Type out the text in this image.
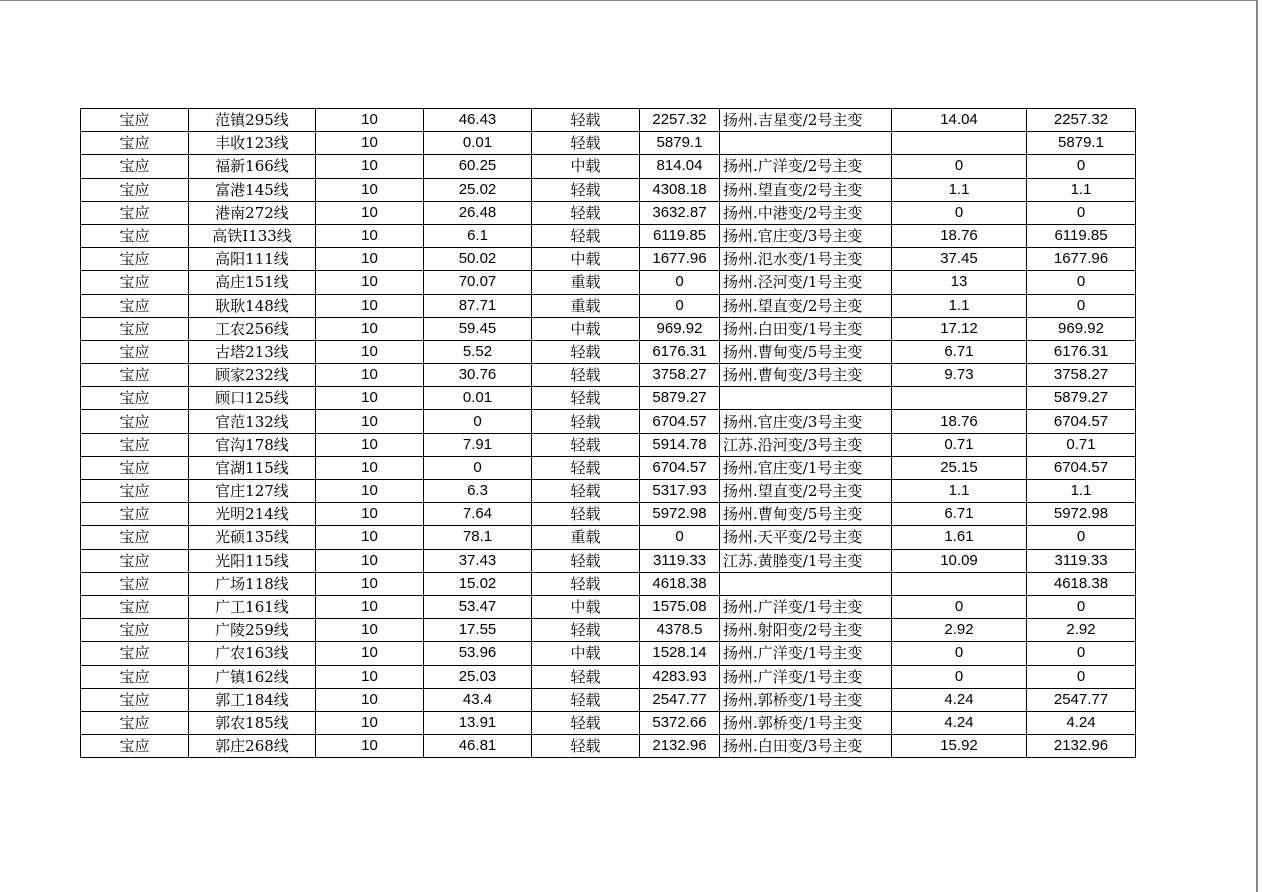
宝应	范镇295线	10	46.43	轻载	2257.32	扬州.吉星变/2号主变	14.04	2257.32
宝应	丰收123线	10	0.01	轻载	5879.1			5879.1
宝应	福新166线	10	60.25	中载	814.04	扬州.广洋变/2号主变	0	0
宝应	富港145线	10	25.02	轻载	4308.18	扬州.望直变/2号主变	1.1	1.1
宝应	港南272线	10	26.48	轻载	3632.87	扬州.中港变/2号主变	0	0
宝应	高铁Ⅰ133线	10	6.1	轻载	6119.85	扬州.官庄变/3号主变	18.76	6119.85
宝应	高阳111线	10	50.02	中载	1677.96	扬州.氾水变/1号主变	37.45	1677.96
宝应	高庄151线	10	70.07	重载	0	扬州.泾河变/1号主变	13	0
宝应	耿耿148线	10	87.71	重载	0	扬州.望直变/2号主变	1.1	0
宝应	工农256线	10	59.45	中载	969.92	扬州.白田变/1号主变	17.12	969.92
宝应	古塔213线	10	5.52	轻载	6176.31	扬州.曹甸变/5号主变	6.71	6176.31
宝应	顾家232线	10	30.76	轻载	3758.27	扬州.曹甸变/3号主变	9.73	3758.27
宝应	顾口125线	10	0.01	轻载	5879.27			5879.27
宝应	官范132线	10	0	轻载	6704.57	扬州.官庄变/3号主变	18.76	6704.57
宝应	官沟178线	10	7.91	轻载	5914.78	江苏.沿河变/3号主变	0.71	0.71
宝应	官湖115线	10	0	轻载	6704.57	扬州.官庄变/1号主变	25.15	6704.57
宝应	官庄127线	10	6.3	轻载	5317.93	扬州.望直变/2号主变	1.1	1.1
宝应	光明214线	10	7.64	轻载	5972.98	扬州.曹甸变/5号主变	6.71	5972.98
宝应	光硕135线	10	78.1	重载	0	扬州.天平变/2号主变	1.61	0
宝应	光阳115线	10	37.43	轻载	3119.33	江苏.黄塍变/1号主变	10.09	3119.33
宝应	广场118线	10	15.02	轻载	4618.38			4618.38
宝应	广工161线	10	53.47	中载	1575.08	扬州.广洋变/1号主变	0	0
宝应	广陵259线	10	17.55	轻载	4378.5	扬州.射阳变/2号主变	2.92	2.92
宝应	广农163线	10	53.96	中载	1528.14	扬州.广洋变/1号主变	0	0
宝应	广镇162线	10	25.03	轻载	4283.93	扬州.广洋变/1号主变	0	0
宝应	郭工184线	10	43.4	轻载	2547.77	扬州.郭桥变/1号主变	4.24	2547.77
宝应	郭农185线	10	13.91	轻载	5372.66	扬州.郭桥变/1号主变	4.24	4.24
宝应	郭庄268线	10	46.81	轻载	2132.96	扬州.白田变/3号主变	15.92	2132.96
